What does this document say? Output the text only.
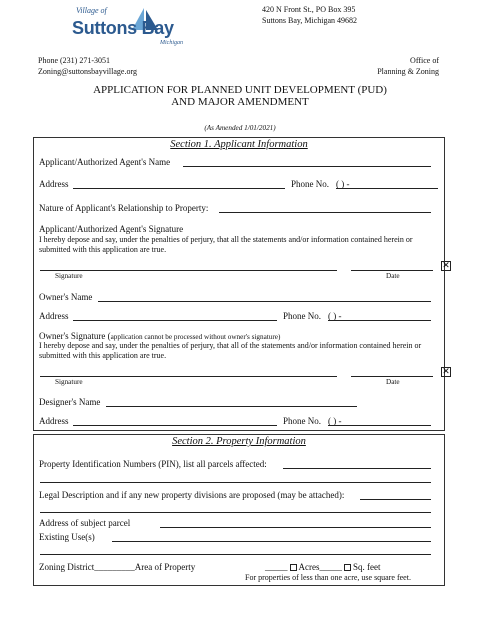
Village of
Suttons Bay
Michigan
420 N Front St., PO Box 395
Suttons Bay, Michigan 49682
Phone (231) 271-3051
Zoning@suttonsbayvillage.org
Office of
Planning & Zoning
APPLICATION FOR PLANNED UNIT DEVELOPMENT (PUD)
AND MAJOR AMENDMENT
(As Amended 1/01/2021)
Section 1. Applicant Information
Applicant/Authorized Agent's Name
Address	Phone No. ( ) -
Nature of Applicant's Relationship to Property:
Applicant/Authorized Agent's Signature
I hereby depose and say, under the penalties of perjury, that all the statements and/or information contained herein or submitted with this application are true.
Signature	Date
✕
Owner's Name
Address	Phone No. ( ) -
Owner's Signature (application cannot be processed without owner's signature)
I hereby depose and say, under the penalties of perjury, that all of the statements and/or information contained herein or submitted with this application are true.
Signature	Date
✕
Designer's Name
Address	Phone No. ( ) -
Section 2. Property Information
Property Identification Numbers (PIN), list all parcels affected:
Legal Description and if any new property divisions are proposed (may be attached):
Address of subject parcel
Existing Use(s)
Zoning District_________Area of Property	_____ Acres_____ Sq. feet
For properties of less than one acre, use square feet.
